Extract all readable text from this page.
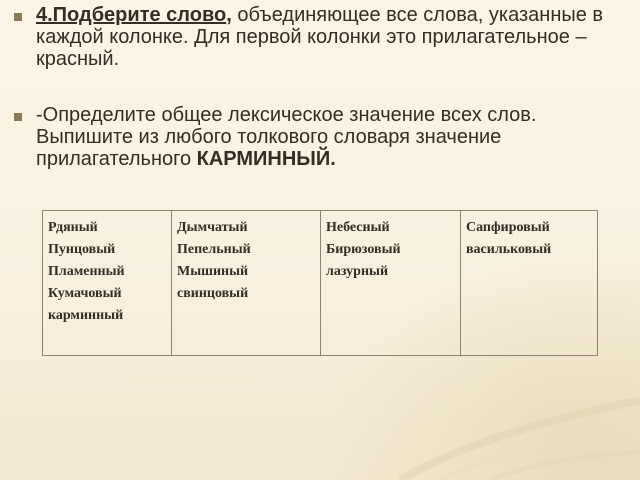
4.Подберите слово, объединяющее все слова, указанные в каждой колонке. Для первой колонки это прилагательное – красный.
-Определите общее лексическое значение всех слов. Выпишите из любого толкового словаря значение прилагательного КАРМИННЫЙ.
Рдяный
Пунцовый
Пламенный
Кумачовый
карминный
Дымчатый
Пепельный
Мышиный
свинцовый
Небесный
Бирюзовый
лазурный
Сапфировый
васильковый
